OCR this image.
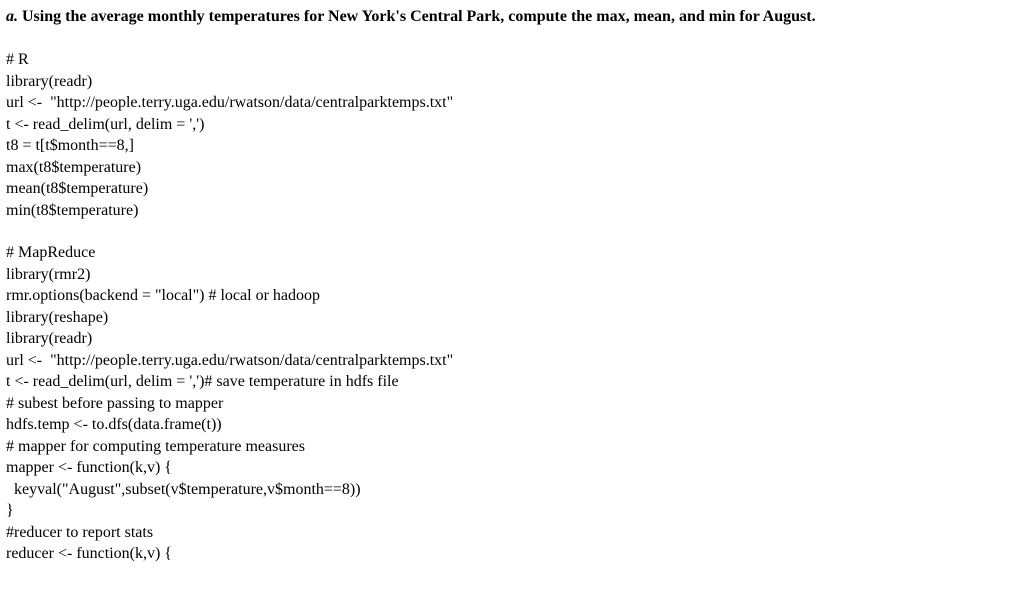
a. Using the average monthly temperatures for New York's Central Park, compute the max, mean, and min for August.

# R
library(readr)
url <-  "http://people.terry.uga.edu/rwatson/data/centralparktemps.txt"
t <- read_delim(url, delim = ',')
t8 = t[t$month==8,]
max(t8$temperature)
mean(t8$temperature)
min(t8$temperature)
# MapReduce
library(rmr2)
rmr.options(backend = "local") # local or hadoop
library(reshape)
library(readr)
url <-  "http://people.terry.uga.edu/rwatson/data/centralparktemps.txt"
t <- read_delim(url, delim = ',')# save temperature in hdfs file
# subest before passing to mapper
hdfs.temp <- to.dfs(data.frame(t))
# mapper for computing temperature measures
mapper <- function(k,v) {
keyval("August",subset(v$temperature,v$month==8))
}
#reducer to report stats
reducer <- function(k,v) {
